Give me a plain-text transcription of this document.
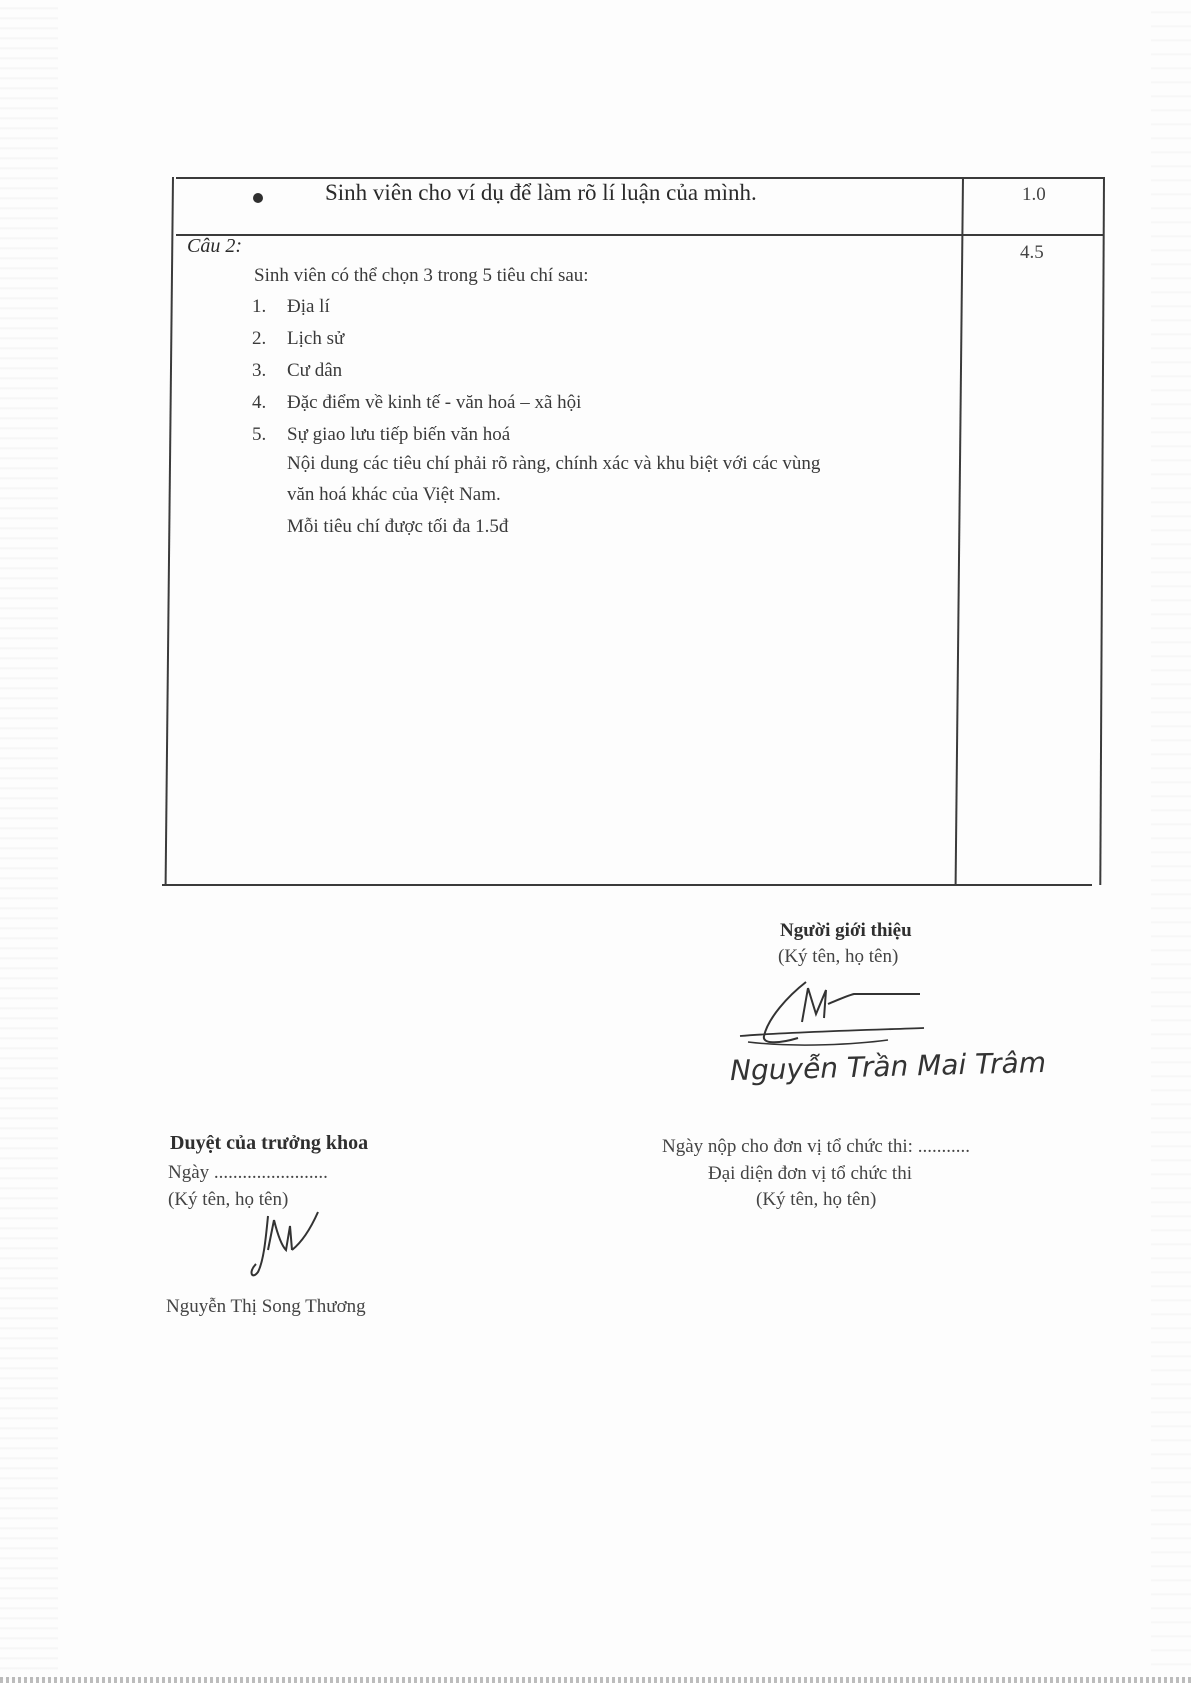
Sinh viên cho ví dụ để làm rõ lí luận của mình.	1.0
Câu 2:	4.5
Sinh viên có thể chọn 3 trong 5 tiêu chí sau:
1.	Địa lí
2.	Lịch sử
3.	Cư dân
4.	Đặc điểm về kinh tế - văn hoá – xã hội
5.	Sự giao lưu tiếp biến văn hoá
Nội dung các tiêu chí phải rõ ràng, chính xác và khu biệt với các vùng
văn hoá khác của Việt Nam.
Mỗi tiêu chí được tối đa 1.5đ
Người giới thiệu
(Ký tên, họ tên)
Nguyễn Trần Mai Trâm
Duyệt của trưởng khoa
Ngày ........................
(Ký tên, họ tên)
Nguyễn Thị Song Thương
Ngày nộp cho đơn vị tổ chức thi: ...........
Đại diện đơn vị tổ chức thi
(Ký tên, họ tên)
